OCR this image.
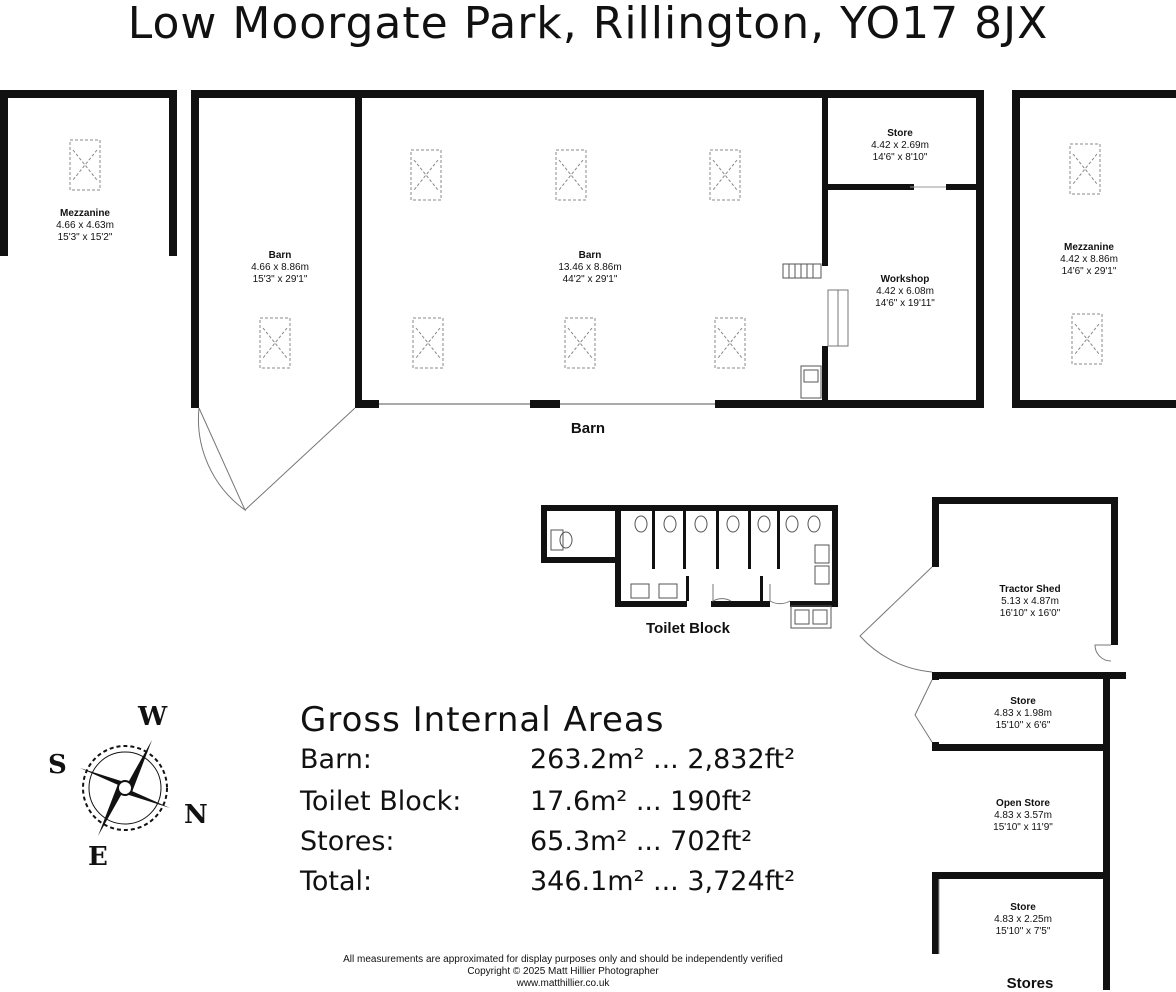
Low Moorgate Park, Rillington, YO17 8JX
Mezzanine
4.66 x 4.63m
15'3" x 15'2"
Barn
4.66 x 8.86m
15'3" x 29'1"
Barn
13.46 x 8.86m
44'2" x 29'1"
Store
4.42 x 2.69m
14'6" x 8'10"
Workshop
4.42 x 6.08m
14'6" x 19'11"
Mezzanine
4.42 x 8.86m
14'6" x 29'1"
Tractor Shed
5.13 x 4.87m
16'10" x 16'0"
Store
4.83 x 1.98m
15'10" x 6'6"
Open Store
4.83 x 3.57m
15'10" x 11'9"
Store
4.83 x 2.25m
15'10" x 7'5"
Barn
Toilet Block
Stores
W
S
N
E
Gross Internal Areas
Barn:	263.2m² ... 2,832ft²
Toilet Block:	17.6m² ... 190ft²
Stores:	65.3m² ... 702ft²
Total:	346.1m² ... 3,724ft²
All measurements are approximated for display purposes only and should be independently verified
Copyright © 2025 Matt Hillier Photographer
www.matthillier.co.uk
